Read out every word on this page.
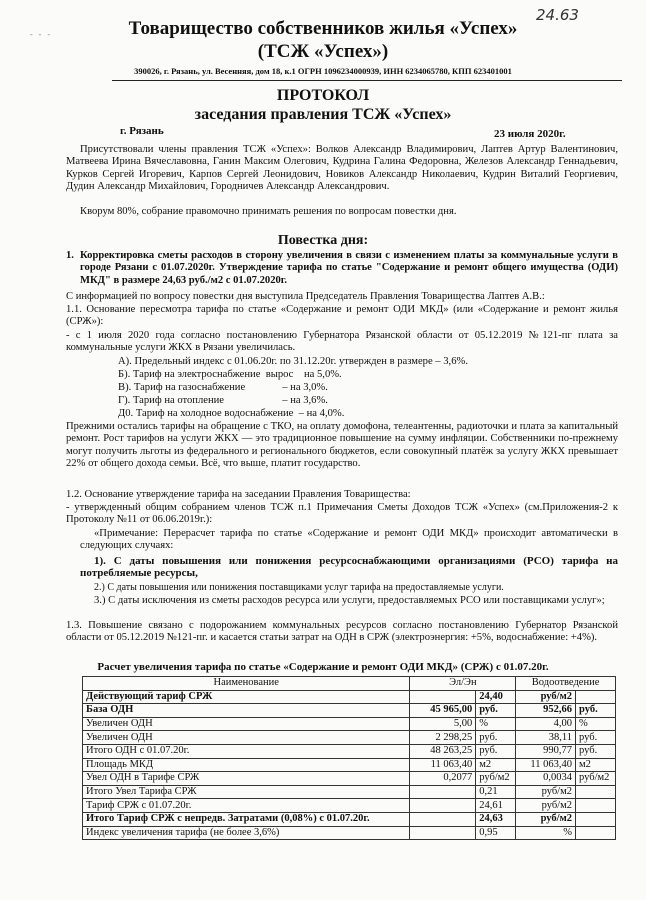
- - -
24.63
Товарищество собственников жилья «Успех»
(ТСЖ «Успех»)
390026, г. Рязань, ул. Весенняя, дом 18, к.1 ОГРН 1096234000939, ИНН 6234065780, КПП 623401001
ПРОТОКОЛ
заседания правления ТСЖ «Успех»
г. Рязань	23 июля 2020г.

Присутствовали члены правления ТСЖ «Успех»: Волков Александр Владимирович, Лаптев Артур Валентинович, Матвеева Ирина Вячеславовна, Ганин Максим Олегович, Кудрина Галина Федоровна, Железов Александр Геннадьевич, Курков Сергей Игоревич, Карпов Сергей Леонидович, Новиков Александр Николаевич, Кудрин Виталий Георгиевич, Дудин Александр Михайлович, Городничев Александр Александрович.

Кворум 80%, собрание правомочно принимать решения по вопросам повестки дня.

Повестка дня:
1. Корректировка сметы расходов в сторону увеличения в связи с изменением платы за коммунальные услуги в городе Рязани с 01.07.2020г. Утверждение тарифа по статье "Содержание и ремонт общего имущества (ОДИ) МКД" в размере 24,63 руб./м2 с 01.07.2020г.

С информацией по вопросу повестки дня выступила Председатель Правления Товарищества Лаптев А.В.:

1.1. Основание пересмотра тарифа по статье «Содержание и ремонт ОДИ МКД» (или «Содержание и ремонт жилья (СРЖ»):

- с 1 июля 2020 года согласно постановлению Губернатора Рязанской области от 05.12.2019 №121-пг плата за коммунальные услуги ЖКХ в Рязани увеличилась.

А). Предельный индекс с 01.06.20г. по 31.12.20г. утвержден в размере – 3,6%.

Б). Тариф на электроснабжение  вырос    на 5,0%.

В). Тариф на газоснабжение              – на 3,0%.

Г). Тариф на отопление                      – на 3,6%.

Д0. Тариф на холодное водоснабжение  – на 4,0%.

Прежними остались тарифы на обращение с ТКО, на оплату домофона, телеантенны, радиоточки и плата за капитальный ремонт. Рост тарифов на услуги ЖКХ — это традиционное повышение на сумму инфляции. Собственники по-прежнему могут получить льготы из федерального и регионального бюджетов, если совокупный платёж за услугу ЖКХ превышает 22% от общего дохода семьи. Всё, что выше, платит государство.

1.2. Основание утверждение тарифа на заседании Правления Товарищества:

- утвержденный общим собранием членов ТСЖ п.1 Примечания Сметы Доходов ТСЖ «Успех» (см.Приложения-2 к Протоколу №11 от 06.06.2019г.):

«Примечание: Перерасчет тарифа по статье «Содержание и ремонт ОДИ МКД» происходит автоматически в следующих случаях:

1). С даты повышения или понижения ресурсоснабжающими организациями (РСО) тарифа на потребляемые ресурсы,

2.) С даты повышения или понижения поставщиками услуг тарифа на предоставляемые услуги.

3.) С даты исключения из сметы расходов ресурса или услуги, предоставляемых РСО или поставщиками услуг»;

1.3. Повышение связано с подорожанием коммунальных ресурсов согласно постановлению Губернатор Рязанской области от 05.12.2019 №121-пг. и касается статьи затрат на ОДН в СРЖ (электроэнергия: +5%, водоснабжение: +4%).

Расчет увеличения тарифа по статье «Содержание и ремонт ОДИ МКД» (СРЖ) с 01.07.20г.
Наименование	Эл/Эн		Водоотведение	
Действующий тариф СРЖ		24,40	руб/м2	
База ОДН	45 965,00	руб.	952,66	руб.
Увеличен ОДН	5,00	%	4,00	%
Увеличен ОДН	2 298,25	руб.	38,11	руб.
Итого ОДН с 01.07.20г.	48 263,25	руб.	990,77	руб.
Площадь МКД	11 063,40	м2	11 063,40	м2
Увел ОДН в Тарифе СРЖ	0,2077	руб/м2	0,0034	руб/м2
Итого Увел Тарифа СРЖ		0,21	руб/м2	
Тариф СРЖ с 01.07.20г.		24,61	руб/м2	
Итого Тариф СРЖ с непредв. Затратами (0,08%) с 01.07.20г.		24,63	руб/м2	
Индекс увеличения тарифа (не более 3,6%)		0,95	%	
